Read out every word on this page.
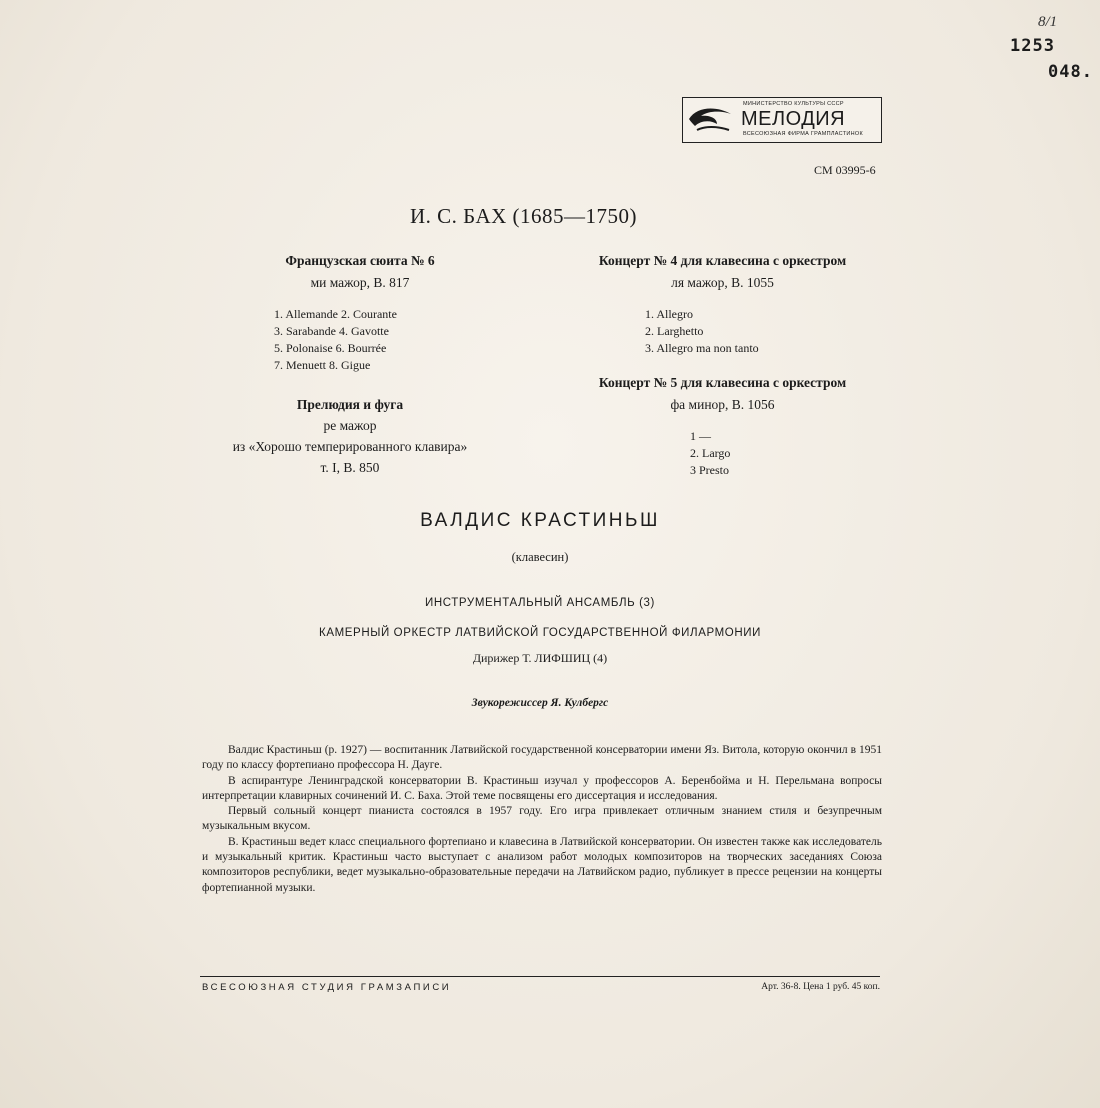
8/1
1253
048.
МИНИСТЕРСТВО КУЛЬТУРЫ СССР
МЕЛОДИЯ
ВСЕСОЮЗНАЯ ФИРМА ГРАМПЛАСТИНОК
СМ 03995-6
И. С. БАХ (1685—1750)
Французская сюита № 6
ми мажор, B. 817
1. Allemande 2. Courante
3. Sarabande 4. Gavotte
5. Polonaise 6. Bourrée
7. Menuett 8. Gigue
Прелюдия и фуга
ре мажор
из «Хорошо темперированного клавира»
т. I, B. 850
Концерт № 4 для клавесина с оркестром
ля мажор, B. 1055
1. Allegro
2. Larghetto
3. Allegro ma non tanto
Концерт № 5 для клавесина с оркестром
фа минор, B. 1056
1 —
2. Largo
3 Presto
ВАЛДИС КРАСТИНЬШ
(клавесин)
ИНСТРУМЕНТАЛЬНЫЙ АНСАМБЛЬ (3)
КАМЕРНЫЙ ОРКЕСТР ЛАТВИЙСКОЙ ГОСУДАРСТВЕННОЙ ФИЛАРМОНИИ
Дирижер Т. ЛИФШИЦ (4)
Звукорежиссер Я. Кулбергс

Валдис Крастиньш (р. 1927) — воспитанник Латвийской государственной консерватории имени Яз. Витола, которую окончил в 1951 году по классу фортепиано профессора Н. Дауге.

В аспирантуре Ленинградской консерватории В. Крастиньш изучал у профессоров А. Беренбойма и Н. Перельмана вопросы интерпретации клавирных сочинений И. С. Баха. Этой теме посвящены его диссертация и исследования.

Первый сольный концерт пианиста состоялся в 1957 году. Его игра привлекает отличным знанием стиля и безупречным музыкальным вкусом.

В. Крастиньш ведет класс специального фортепиано и клавесина в Латвийской консерватории. Он известен также как исследователь и музыкальный критик. Крастиньш часто выступает с анализом работ молодых композиторов на творческих заседаниях Союза композиторов республики, ведет музыкально-образовательные передачи на Латвийском радио, публикует в прессе рецензии на концерты фортепианной музыки.

ВСЕСОЮЗНАЯ СТУДИЯ ГРАМЗАПИСИ	Арт. 36-8. Цена 1 руб. 45 коп.
